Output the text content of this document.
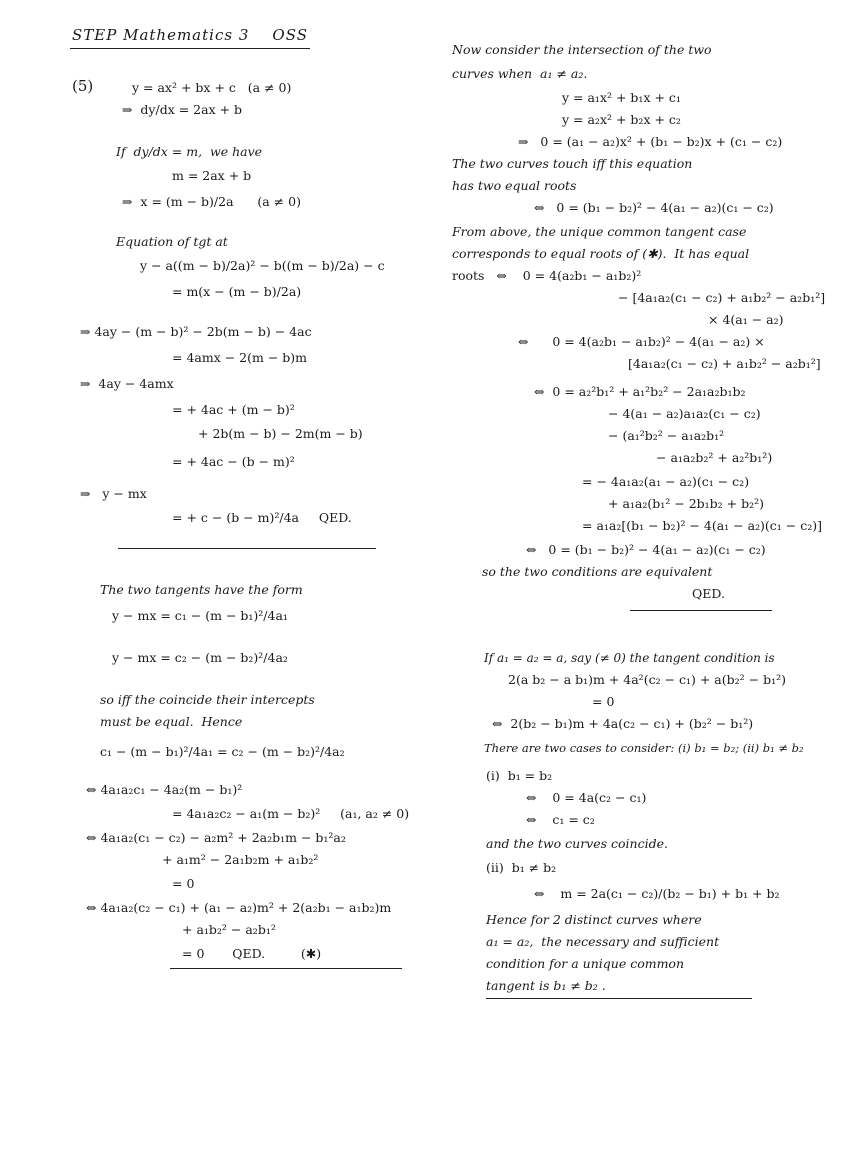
STEP Mathematics 3    OSS
(5)	y = ax² + bx + c   (a ≠ 0)
⇒  dy/dx = 2ax + b
If  dy/dx = m,  we have
m = 2ax + b
⇒  x = (m − b)/2a      (a ≠ 0)
Equation of tgt at
y − a((m − b)/2a)² − b((m − b)/2a) − c
= m(x − (m − b)/2a)
⇒ 4ay − (m − b)² − 2b(m − b) − 4ac
= 4amx − 2(m − b)m
⇒  4ay − 4amx
= + 4ac + (m − b)²
+ 2b(m − b) − 2m(m − b)
= + 4ac − (b − m)²
⇒   y − mx
= + c − (b − m)²/4a     QED.
The two tangents have the form
y − mx = c₁ − (m − b₁)²/4a₁
y − mx = c₂ − (m − b₂)²/4a₂
so iff the coincide their intercepts
must be equal.  Hence
c₁ − (m − b₁)²/4a₁ = c₂ − (m − b₂)²/4a₂
⇔ 4a₁a₂c₁ − 4a₂(m − b₁)²
= 4a₁a₂c₂ − a₁(m − b₂)²     (a₁, a₂ ≠ 0)
⇔ 4a₁a₂(c₁ − c₂) − a₂m² + 2a₂b₁m − b₁²a₂
+ a₁m² − 2a₁b₂m + a₁b₂²
= 0
⇔ 4a₁a₂(c₂ − c₁) + (a₁ − a₂)m² + 2(a₂b₁ − a₁b₂)m
+ a₁b₂² − a₂b₁²
= 0       QED.         (✱)
Now consider the intersection of the two
curves when  a₁ ≠ a₂.
y = a₁x² + b₁x + c₁
y = a₂x² + b₂x + c₂
⇒   0 = (a₁ − a₂)x² + (b₁ − b₂)x + (c₁ − c₂)
The two curves touch iff this equation
has two equal roots
⇔   0 = (b₁ − b₂)² − 4(a₁ − a₂)(c₁ − c₂)
From above, the unique common tangent case
corresponds to equal roots of (✱).  It has equal
roots   ⇔    0 = 4(a₂b₁ − a₁b₂)²
− [4a₁a₂(c₁ − c₂) + a₁b₂² − a₂b₁²]
× 4(a₁ − a₂)
⇔      0 = 4(a₂b₁ − a₁b₂)² − 4(a₁ − a₂) ×
[4a₁a₂(c₁ − c₂) + a₁b₂² − a₂b₁²]
⇔  0 = a₂²b₁² + a₁²b₂² − 2a₁a₂b₁b₂
− 4(a₁ − a₂)a₁a₂(c₁ − c₂)
− (a₁²b₂² − a₁a₂b₁²
− a₁a₂b₂² + a₂²b₁²)
= − 4a₁a₂(a₁ − a₂)(c₁ − c₂)
+ a₁a₂(b₁² − 2b₁b₂ + b₂²)
= a₁a₂[(b₁ − b₂)² − 4(a₁ − a₂)(c₁ − c₂)]
⇔   0 = (b₁ − b₂)² − 4(a₁ − a₂)(c₁ − c₂)
so the two conditions are equivalent
QED.
If a₁ = a₂ = a, say (≠ 0) the tangent condition is
2(a b₂ − a b₁)m + 4a²(c₂ − c₁) + a(b₂² − b₁²)
= 0
⇔  2(b₂ − b₁)m + 4a(c₂ − c₁) + (b₂² − b₁²)
There are two cases to consider: (i) b₁ = b₂; (ii) b₁ ≠ b₂
(i)  b₁ = b₂
⇔    0 = 4a(c₂ − c₁)
⇔    c₁ = c₂
and the two curves coincide.
(ii)  b₁ ≠ b₂
⇔    m = 2a(c₁ − c₂)/(b₂ − b₁) + b₁ + b₂
Hence for 2 distinct curves where
a₁ = a₂,  the necessary and sufficient
condition for a unique common
tangent is b₁ ≠ b₂ .
